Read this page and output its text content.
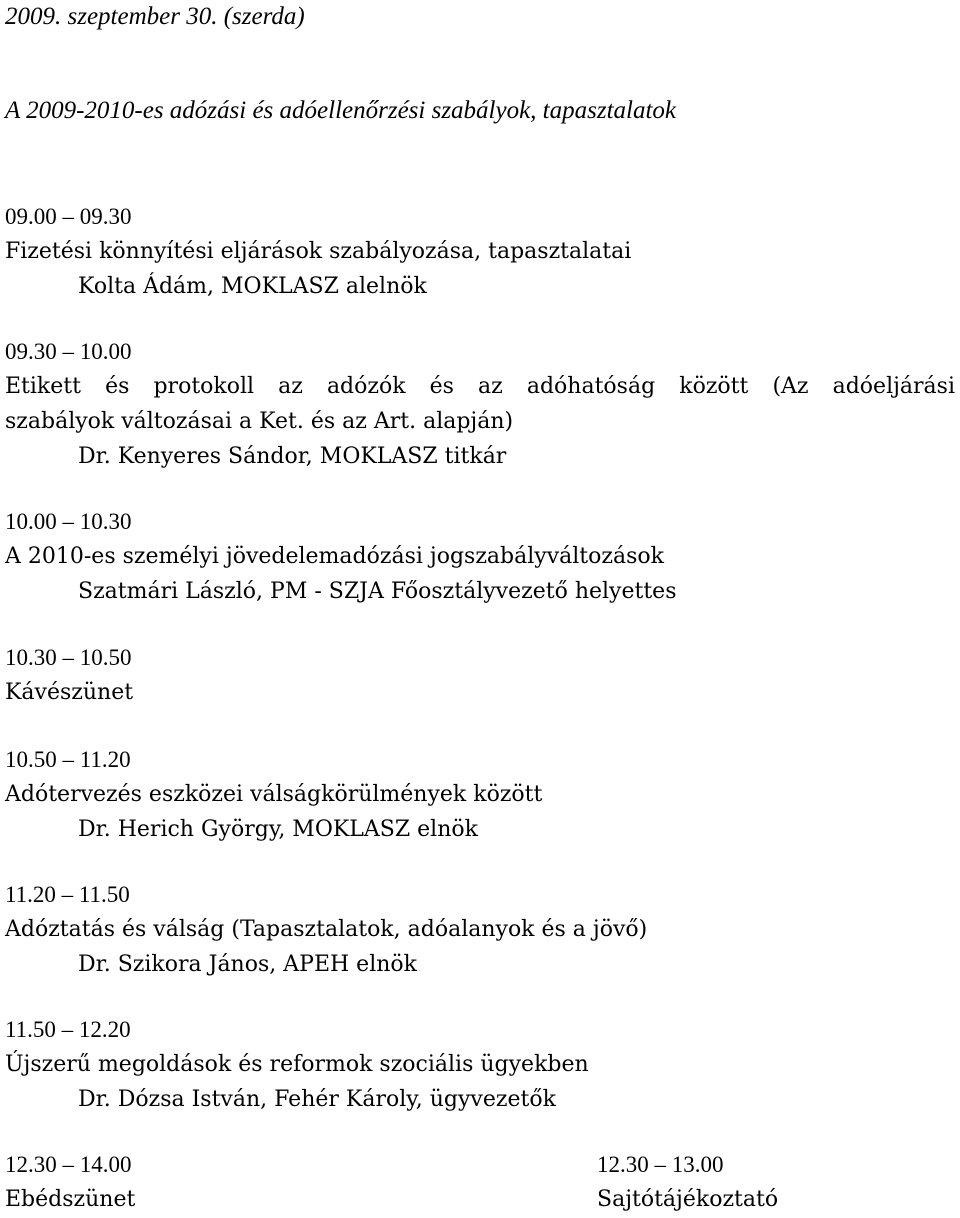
2009. szeptember 30. (szerda)
A 2009-2010-es adózási és adóellenőrzési szabályok, tapasztalatok
09.00 – 09.30
Fizetési könnyítési eljárások szabályozása, tapasztalatai
Kolta Ádám, MOKLASZ alelnök
09.30 – 10.00
Etikett és protokoll az adózók és az adóhatóság között (Az adóeljárási
szabályok változásai a Ket. és az Art. alapján)
Dr. Kenyeres Sándor, MOKLASZ titkár
10.00 – 10.30
A 2010-es személyi jövedelemadózási jogszabályváltozások
Szatmári László, PM - SZJA Főosztályvezető helyettes
10.30 – 10.50
Kávészünet
10.50 – 11.20
Adótervezés eszközei válságkörülmények között
Dr. Herich György, MOKLASZ elnök
11.20 – 11.50
Adóztatás és válság (Tapasztalatok, adóalanyok és a jövő)
Dr. Szikora János, APEH elnök
11.50 – 12.20
Újszerű megoldások és reformok szociális ügyekben
Dr. Dózsa István, Fehér Károly, ügyvezetők
12.30 – 14.00
Ebédszünet
12.30 – 13.00
Sajtótájékoztató
